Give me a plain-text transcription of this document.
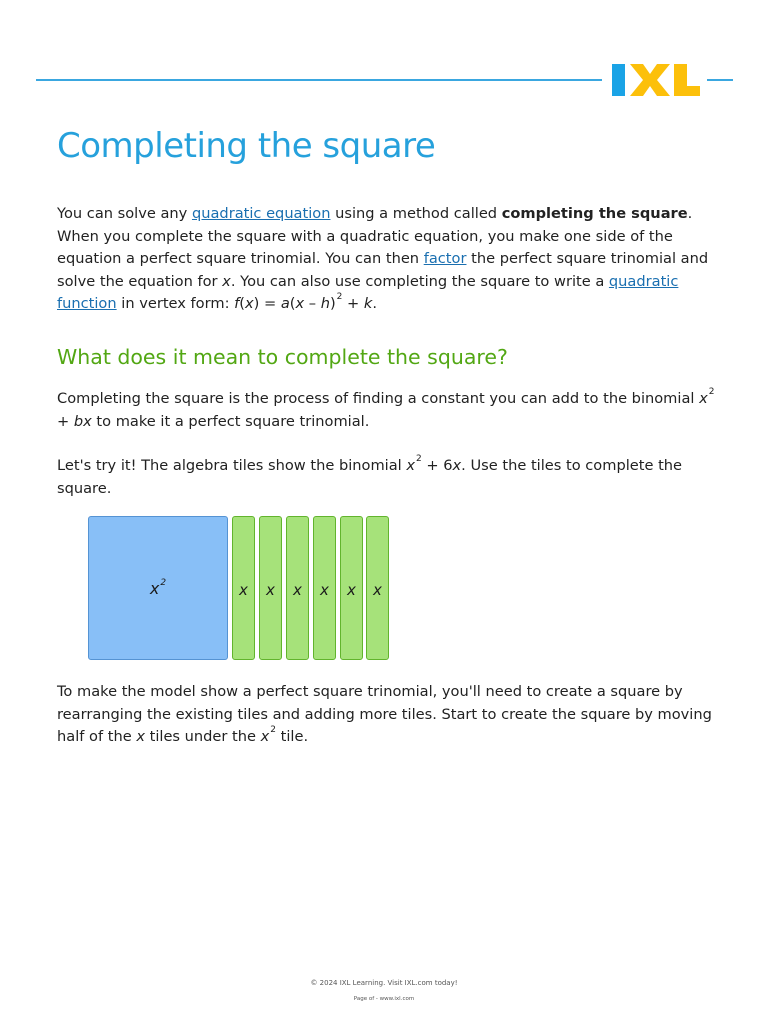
Completing the square

You can solve any quadratic equation using a method called completing the square. When you complete the square with a quadratic equation, you make one side of the equation a perfect square trinomial. You can then factor the perfect square trinomial and solve the equation for x. You can also use completing the square to write a quadratic function in vertex form: f(x) = a(x – h)$^2$ + k.

What does it mean to complete the square?

Completing the square is the process of finding a constant you can add to the binomial $x^2$ + bx to make it a perfect square trinomial.

Let's try it! The algebra tiles show the binomial $x^2 + 6x$. Use the tiles to complete the square.

$x^2$	x	x	x	x	x	x

To make the model show a perfect square trinomial, you'll need to create a square by rearranging the existing tiles and adding more tiles. Start to create the square by moving half of the x tiles under the $x^2$ tile.

© 2024 IXL Learning. Visit IXL.com today!
Page of - www.ixl.com
